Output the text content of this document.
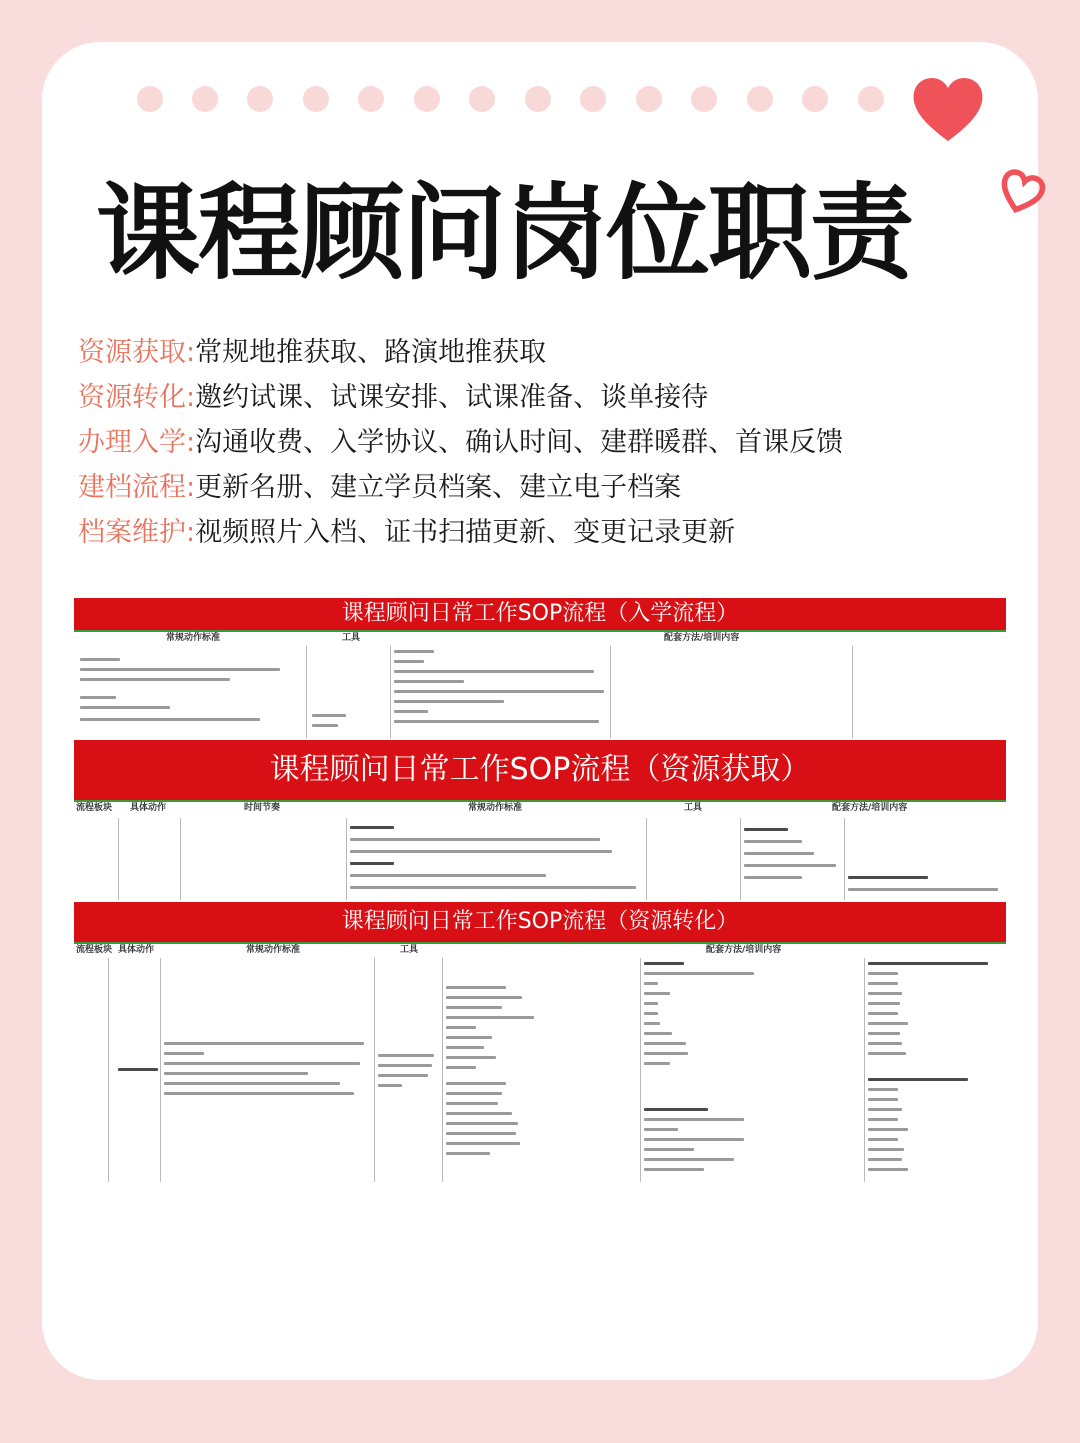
课程顾问岗位职责
资源获取:常规地推获取、路演地推获取
资源转化:邀约试课、试课安排、试课准备、谈单接待
办理入学:沟通收费、入学协议、确认时间、建群暖群、首课反馈
建档流程:更新名册、建立学员档案、建立电子档案
档案维护:视频照片入档、证书扫描更新、变更记录更新
课程顾问日常工作SOP流程（入学流程）
常规动作标准	工具	配套方法/培训内容
课程顾问日常工作SOP流程（资源获取）
流程板块 具体动作	时间节奏	常规动作标准	工具	配套方法/培训内容
课程顾问日常工作SOP流程（资源转化）
流程板块 具体动作	常规动作标准	工具	配套方法/培训内容
